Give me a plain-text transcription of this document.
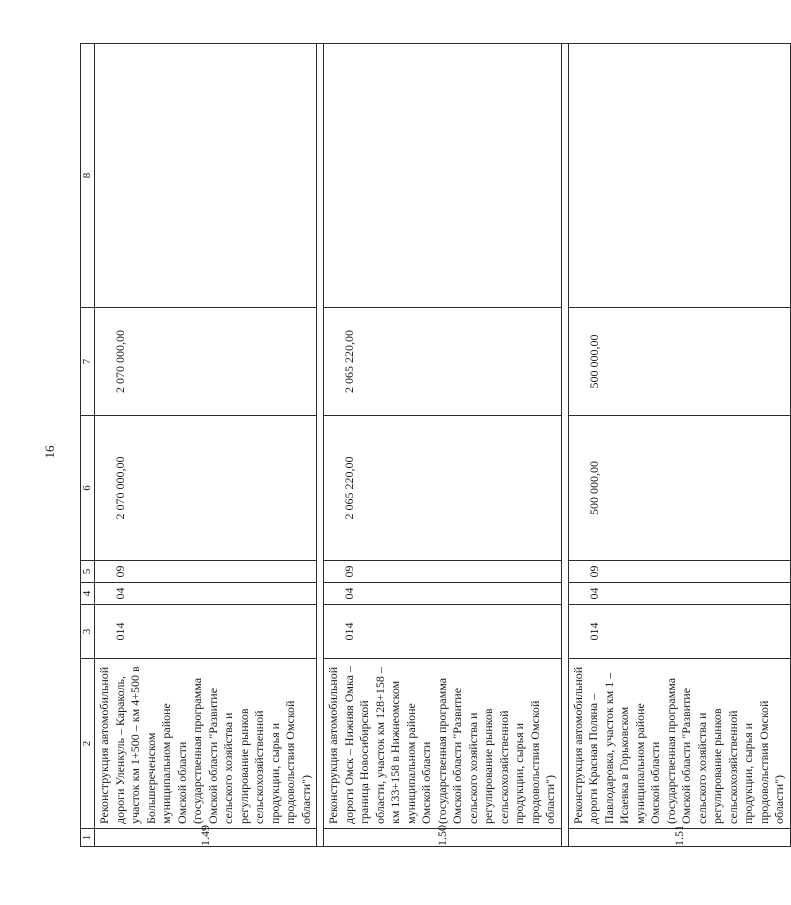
16
1	2	3	4	5	6	7	8
1.49	Реконструкция автомобильной дороги Уленкуль – Караколь, участок км 1+500 – км 4+500 в Большереченском муниципальном районе Омской области (государственная программа Омской области "Развитие сельского хозяйства и регулирование рынков сельскохозяйственной продукции, сырья и продовольствия Омской области")	014	04	09	2 070 000,00	2 070 000,00	

1.50	Реконструкция автомобильной дороги Омск – Нижняя Омка – граница Новосибирской области, участок км 128+158 – км 133+158 в Нижнеомском муниципальном районе Омской области (государственная программа Омской области "Развитие сельского хозяйства и регулирование рынков сельскохозяйственной продукции, сырья и продовольствия Омской области")	014	04	09	2 065 220,00	2 065 220,00	

1.51	Реконструкция автомобильной дороги Красная Поляна – Павлодаровка, участок км 1 – Исаевка в Горьковском муниципальном районе Омской области (государственная программа Омской области "Развитие сельского хозяйства и регулирование рынков сельскохозяйственной продукции, сырья и продовольствия Омской области")	014	04	09	500 000,00	500 000,00	
